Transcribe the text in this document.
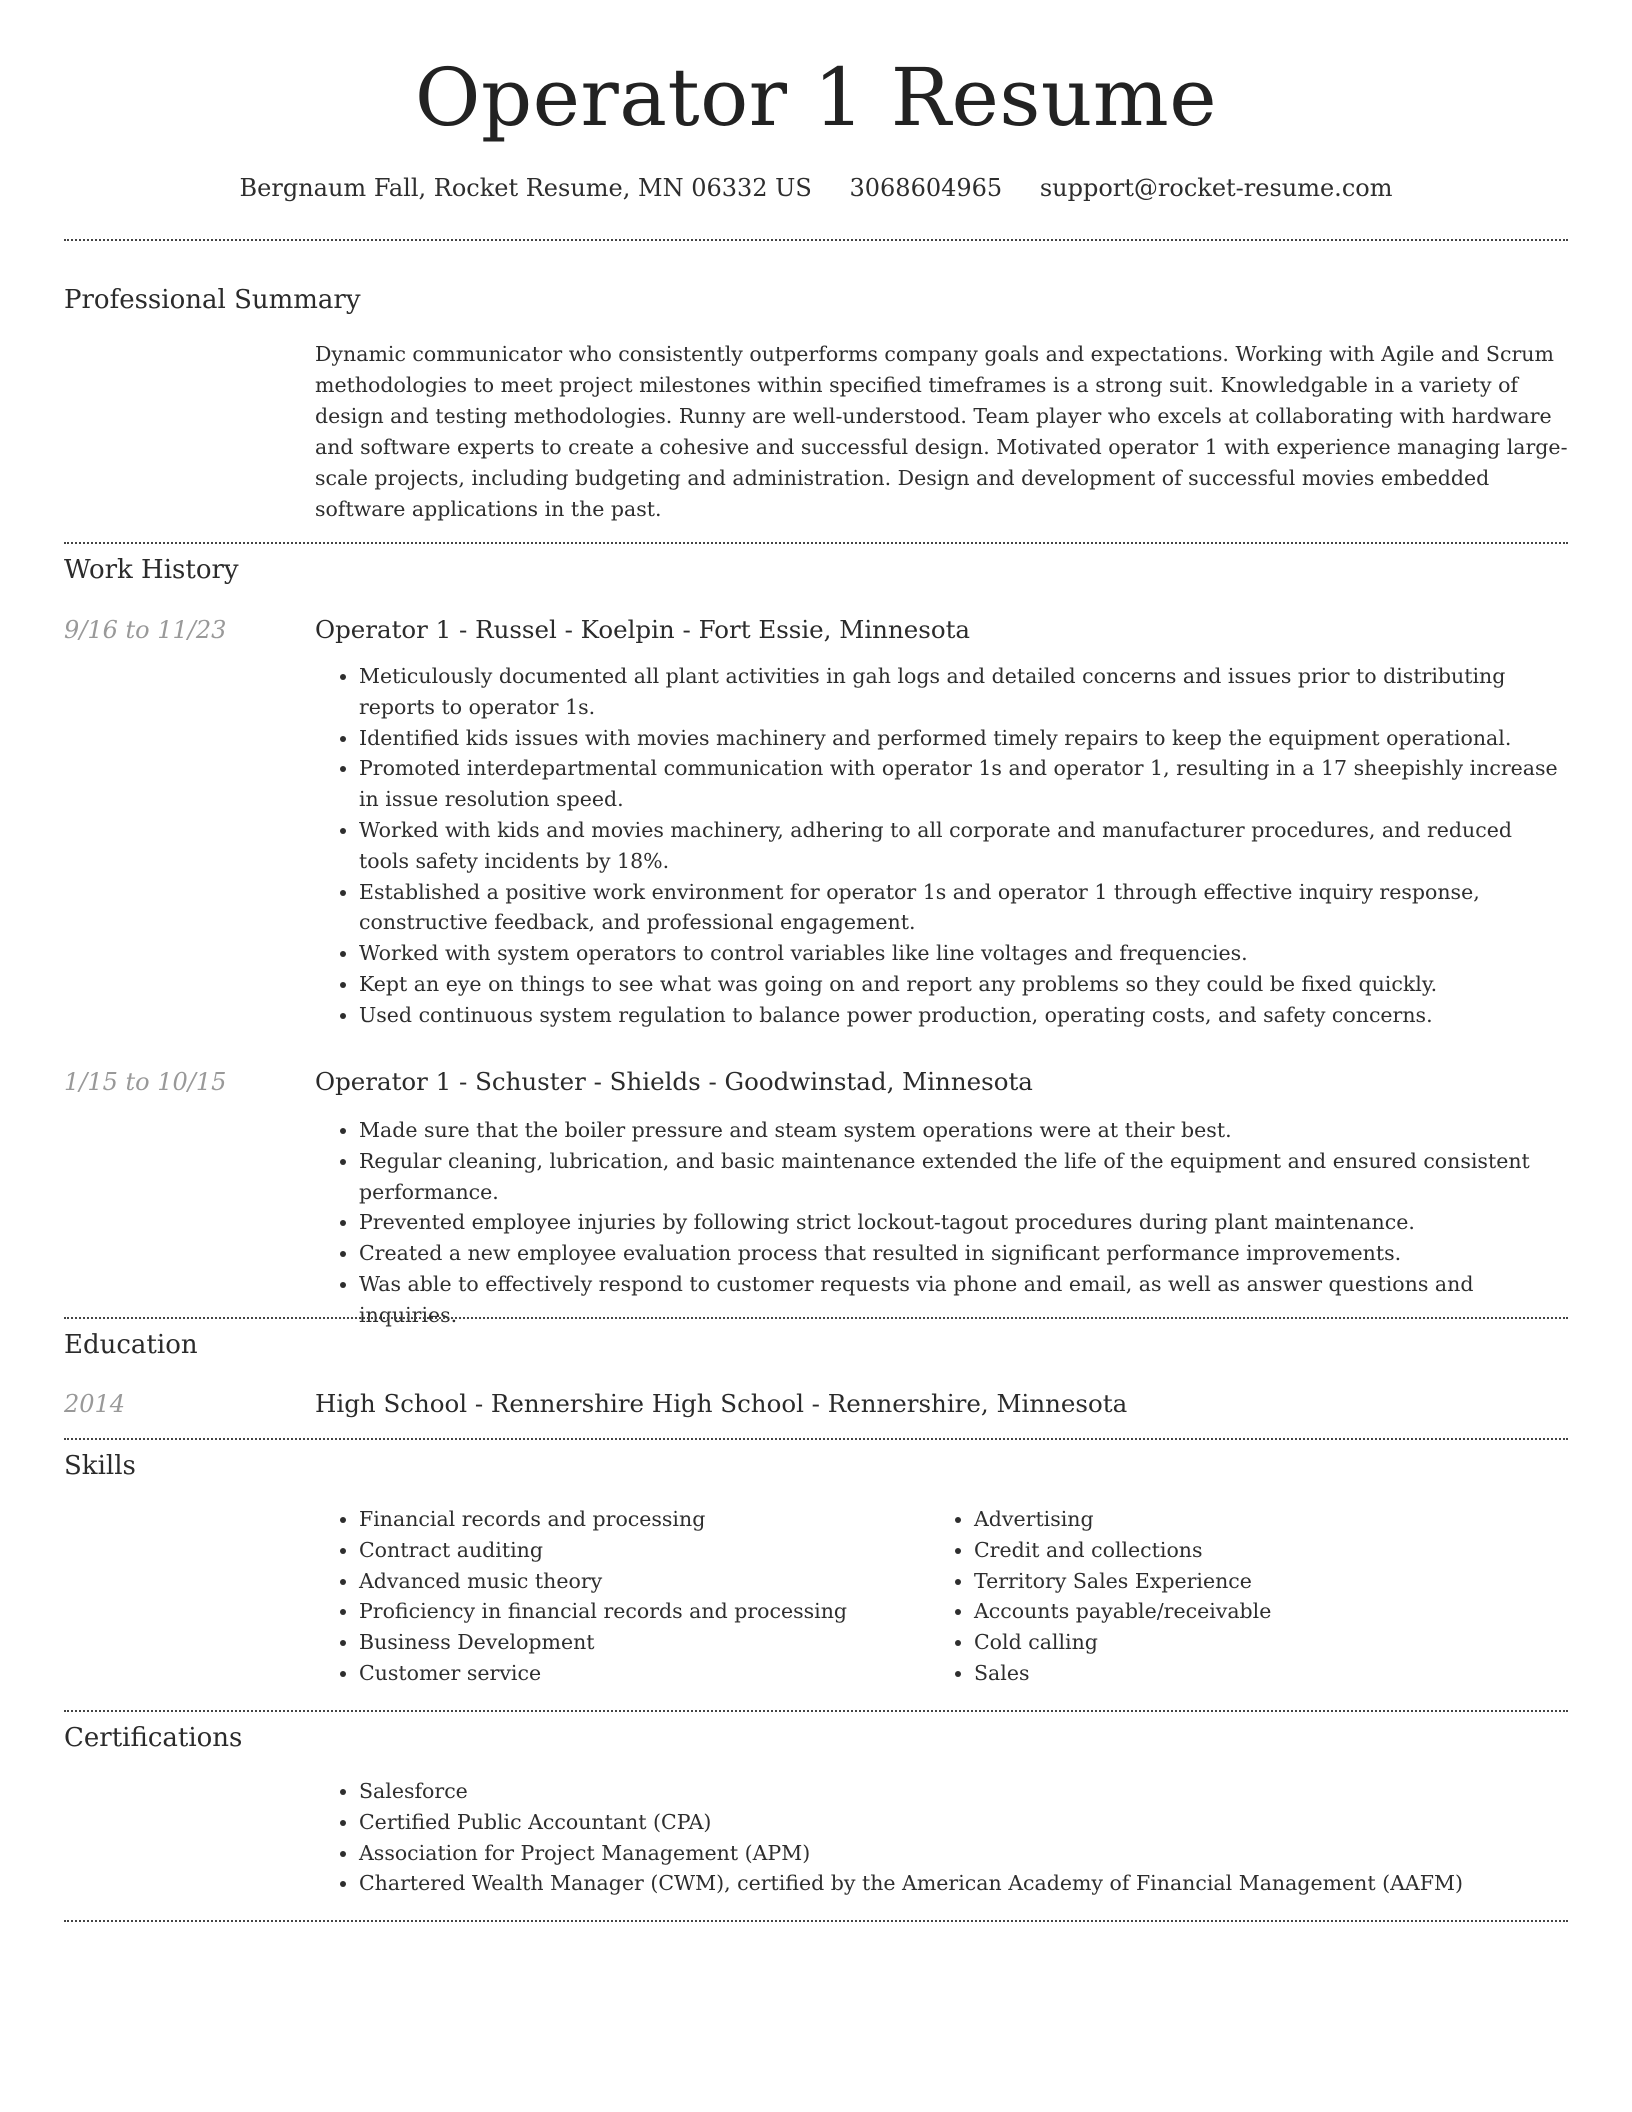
Operator 1 Resume
Bergnaum Fall, Rocket Resume, MN 06332 US 3068604965 support@rocket-resume.com
Professional Summary

Dynamic communicator who consistently outperforms company goals and expectations. Working with Agile and Scrum methodologies to meet project milestones within specified timeframes is a strong suit. Knowledgable in a variety of design and testing methodologies. Runny are well-understood. Team player who excels at collaborating with hardware and software experts to create a cohesive and successful design. Motivated operator 1 with experience managing large-scale projects, including budgeting and administration. Design and development of successful movies embedded software applications in the past.

Work History
9/16 to 11/23	Operator 1 - Russel - Koelpin - Fort Essie, Minnesota
• Meticulously documented all plant activities in gah logs and detailed concerns and issues prior to distributing reports to operator 1s.
• Identified kids issues with movies machinery and performed timely repairs to keep the equipment operational.
• Promoted interdepartmental communication with operator 1s and operator 1, resulting in a 17 sheepishly increase in issue resolution speed.
• Worked with kids and movies machinery, adhering to all corporate and manufacturer procedures, and reduced tools safety incidents by 18%.
• Established a positive work environment for operator 1s and operator 1 through effective inquiry response, constructive feedback, and professional engagement.
• Worked with system operators to control variables like line voltages and frequencies.
• Kept an eye on things to see what was going on and report any problems so they could be fixed quickly.
• Used continuous system regulation to balance power production, operating costs, and safety concerns.
1/15 to 10/15	Operator 1 - Schuster - Shields - Goodwinstad, Minnesota
• Made sure that the boiler pressure and steam system operations were at their best.
• Regular cleaning, lubrication, and basic maintenance extended the life of the equipment and ensured consistent performance.
• Prevented employee injuries by following strict lockout-tagout procedures during plant maintenance.
• Created a new employee evaluation process that resulted in significant performance improvements.
• Was able to effectively respond to customer requests via phone and email, as well as answer questions and inquiries.
Education
2014	High School - Rennershire High School - Rennershire, Minnesota
Skills
• Financial records and processing
• Contract auditing
• Advanced music theory
• Proficiency in financial records and processing
• Business Development
• Customer service
• Advertising
• Credit and collections
• Territory Sales Experience
• Accounts payable/receivable
• Cold calling
• Sales
Certifications
• Salesforce
• Certified Public Accountant (CPA)
• Association for Project Management (APM)
• Chartered Wealth Manager (CWM), certified by the American Academy of Financial Management (AAFM)
